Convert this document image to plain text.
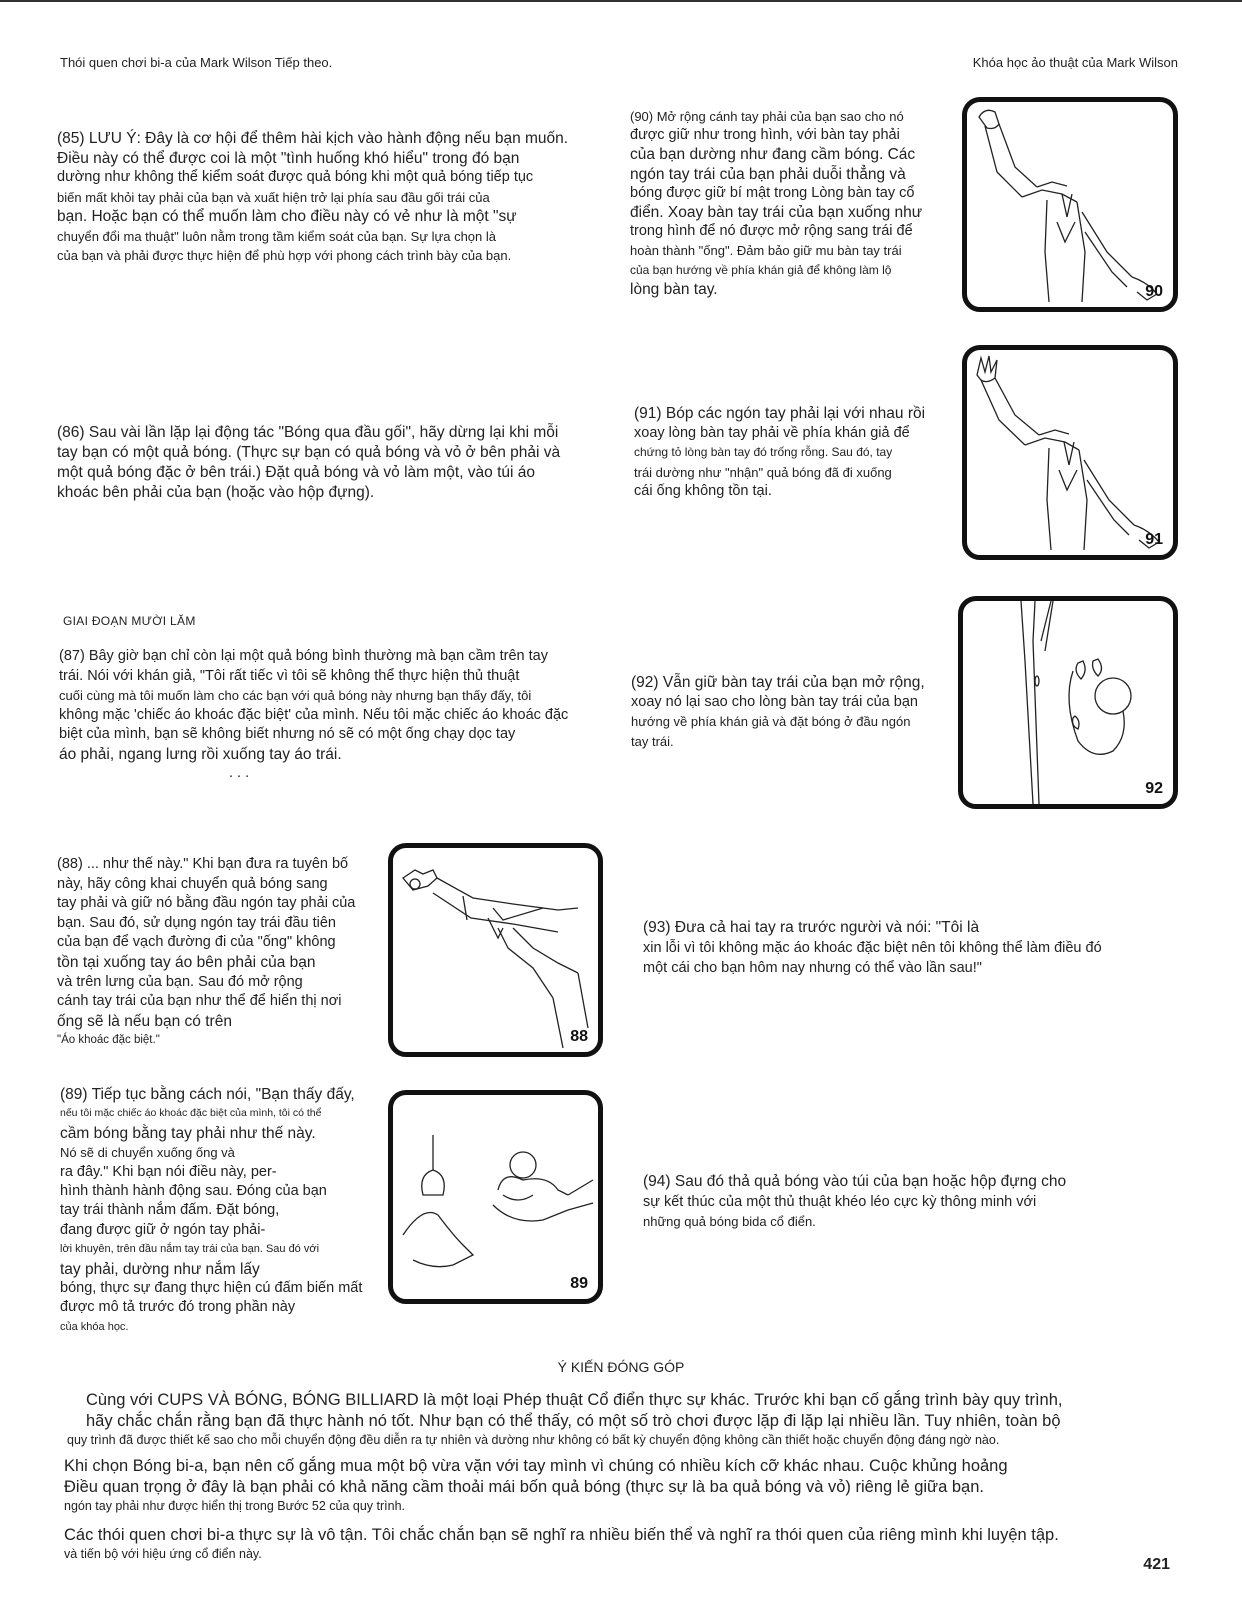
Thói quen chơi bi-a của Mark Wilson Tiếp theo.	Khóa học ảo thuật của Mark Wilson
(85) LƯU Ý: Đây là cơ hội để thêm hài kịch vào hành động nếu bạn muốn.
Điều này có thể được coi là một "tình huống khó hiểu" trong đó bạn
dường như không thể kiểm soát được quả bóng khi một quả bóng tiếp tục
biến mất khỏi tay phải của bạn và xuất hiện trở lại phía sau đầu gối trái của
bạn. Hoặc bạn có thể muốn làm cho điều này có vẻ như là một "sự
chuyển đổi ma thuật" luôn nằm trong tầm kiểm soát của bạn. Sự lựa chọn là
của bạn và phải được thực hiện để phù hợp với phong cách trình bày của bạn.
(86) Sau vài lần lặp lại động tác "Bóng qua đầu gối", hãy dừng lại khi mỗi
tay bạn có một quả bóng. (Thực sự bạn có quả bóng và vỏ ở bên phải và
một quả bóng đặc ở bên trái.) Đặt quả bóng và vỏ làm một, vào túi áo
khoác bên phải của bạn (hoặc vào hộp đựng).
GIAI ĐOẠN MƯỜI LĂM
(87) Bây giờ bạn chỉ còn lại một quả bóng bình thường mà bạn cầm trên tay
trái. Nói với khán giả, "Tôi rất tiếc vì tôi sẽ không thể thực hiện thủ thuật
cuối cùng mà tôi muốn làm cho các bạn với quả bóng này nhưng bạn thấy đấy, tôi
không mặc 'chiếc áo khoác đặc biệt' của mình. Nếu tôi mặc chiếc áo khoác đặc
biệt của mình, bạn sẽ không biết nhưng nó sẽ có một ống chạy dọc tay
áo phải, ngang lưng rồi xuống tay áo trái.
. . .
(88) ... như thế này." Khi bạn đưa ra tuyên bố
này, hãy công khai chuyển quả bóng sang
tay phải và giữ nó bằng đầu ngón tay phải của
bạn. Sau đó, sử dụng ngón tay trái đầu tiên
của bạn để vạch đường đi của "ống" không
tồn tại xuống tay áo bên phải của bạn
và trên lưng của bạn. Sau đó mở rộng
cánh tay trái của bạn như thể để hiển thị nơi
ống sẽ là nếu bạn có trên
"Áo khoác đặc biệt."
(89) Tiếp tục bằng cách nói, "Bạn thấy đấy,
nếu tôi mặc chiếc áo khoác đặc biệt của mình, tôi có thể
cầm bóng bằng tay phải như thế này.
Nó sẽ di chuyển xuống ống và
ra đây." Khi bạn nói điều này, per-
hình thành hành động sau. Đóng của bạn
tay trái thành nắm đấm. Đặt bóng,
đang được giữ ở ngón tay phải-
lời khuyên, trên đầu nắm tay trái của bạn. Sau đó với
tay phải, dường như nắm lấy
bóng, thực sự đang thực hiện cú đấm biến mất
được mô tả trước đó trong phần này
của khóa học.
(90) Mở rộng cánh tay phải của bạn sao cho nó
được giữ như trong hình, với bàn tay phải
của bạn dường như đang cầm bóng. Các
ngón tay trái của bạn phải duỗi thẳng và
bóng được giữ bí mật trong Lòng bàn tay cổ
điển. Xoay bàn tay trái của bạn xuống như
trong hình để nó được mở rộng sang trái để
hoàn thành "ống". Đảm bảo giữ mu bàn tay trái
của bạn hướng về phía khán giả để không làm lộ
lòng bàn tay.
(91) Bóp các ngón tay phải lại với nhau rồi
xoay lòng bàn tay phải về phía khán giả để
chứng tỏ lòng bàn tay đó trống rỗng. Sau đó, tay
trái dường như "nhận" quả bóng đã đi xuống
cái ống không tồn tại.
(92) Vẫn giữ bàn tay trái của bạn mở rộng,
xoay nó lại sao cho lòng bàn tay trái của bạn
hướng về phía khán giả và đặt bóng ở đầu ngón
tay trái.
(93) Đưa cả hai tay ra trước người và nói: "Tôi là
xin lỗi vì tôi không mặc áo khoác đặc biệt nên tôi không thể làm điều đó
một cái cho bạn hôm nay nhưng có thể vào lần sau!"
(94) Sau đó thả quả bóng vào túi của bạn hoặc hộp đựng cho
sự kết thúc của một thủ thuật khéo léo cực kỳ thông minh với
những quả bóng bida cổ điển.
90
91
92
88
89
Ý KIẾN ĐÓNG GÓP

Cùng với CUPS VÀ BÓNG, BÓNG BILLIARD là một loại Phép thuật Cổ điển thực sự khác. Trước khi bạn cố gắng trình bày quy trình,

hãy chắc chắn rằng bạn đã thực hành nó tốt. Như bạn có thể thấy, có một số trò chơi được lặp đi lặp lại nhiều lần. Tuy nhiên, toàn bộ

quy trình đã được thiết kế sao cho mỗi chuyển động đều diễn ra tự nhiên và dường như không có bất kỳ chuyển động không cần thiết hoặc chuyển động đáng ngờ nào.

Khi chọn Bóng bi-a, bạn nên cố gắng mua một bộ vừa vặn với tay mình vì chúng có nhiều kích cỡ khác nhau. Cuộc khủng hoảng

Điều quan trọng ở đây là bạn phải có khả năng cầm thoải mái bốn quả bóng (thực sự là ba quả bóng và vỏ) riêng lẻ giữa bạn.

ngón tay phải như được hiển thị trong Bước 52 của quy trình.

Các thói quen chơi bi-a thực sự là vô tận. Tôi chắc chắn bạn sẽ nghĩ ra nhiều biến thể và nghĩ ra thói quen của riêng mình khi luyện tập.

và tiến bộ với hiệu ứng cổ điển này.

421
